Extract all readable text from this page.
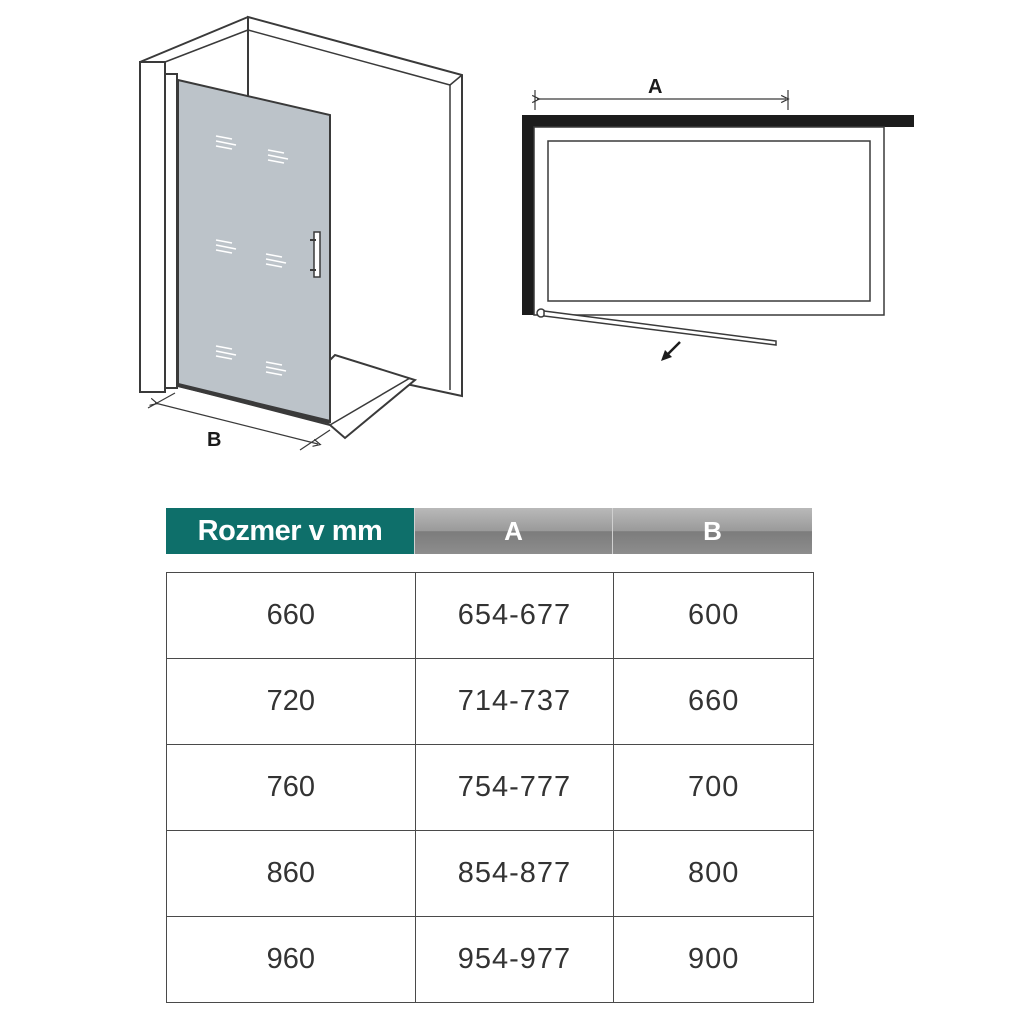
B
A
Rozmer v mm	A	B
660	654-677	600
720	714-737	660
760	754-777	700
860	854-877	800
960	954-977	900
